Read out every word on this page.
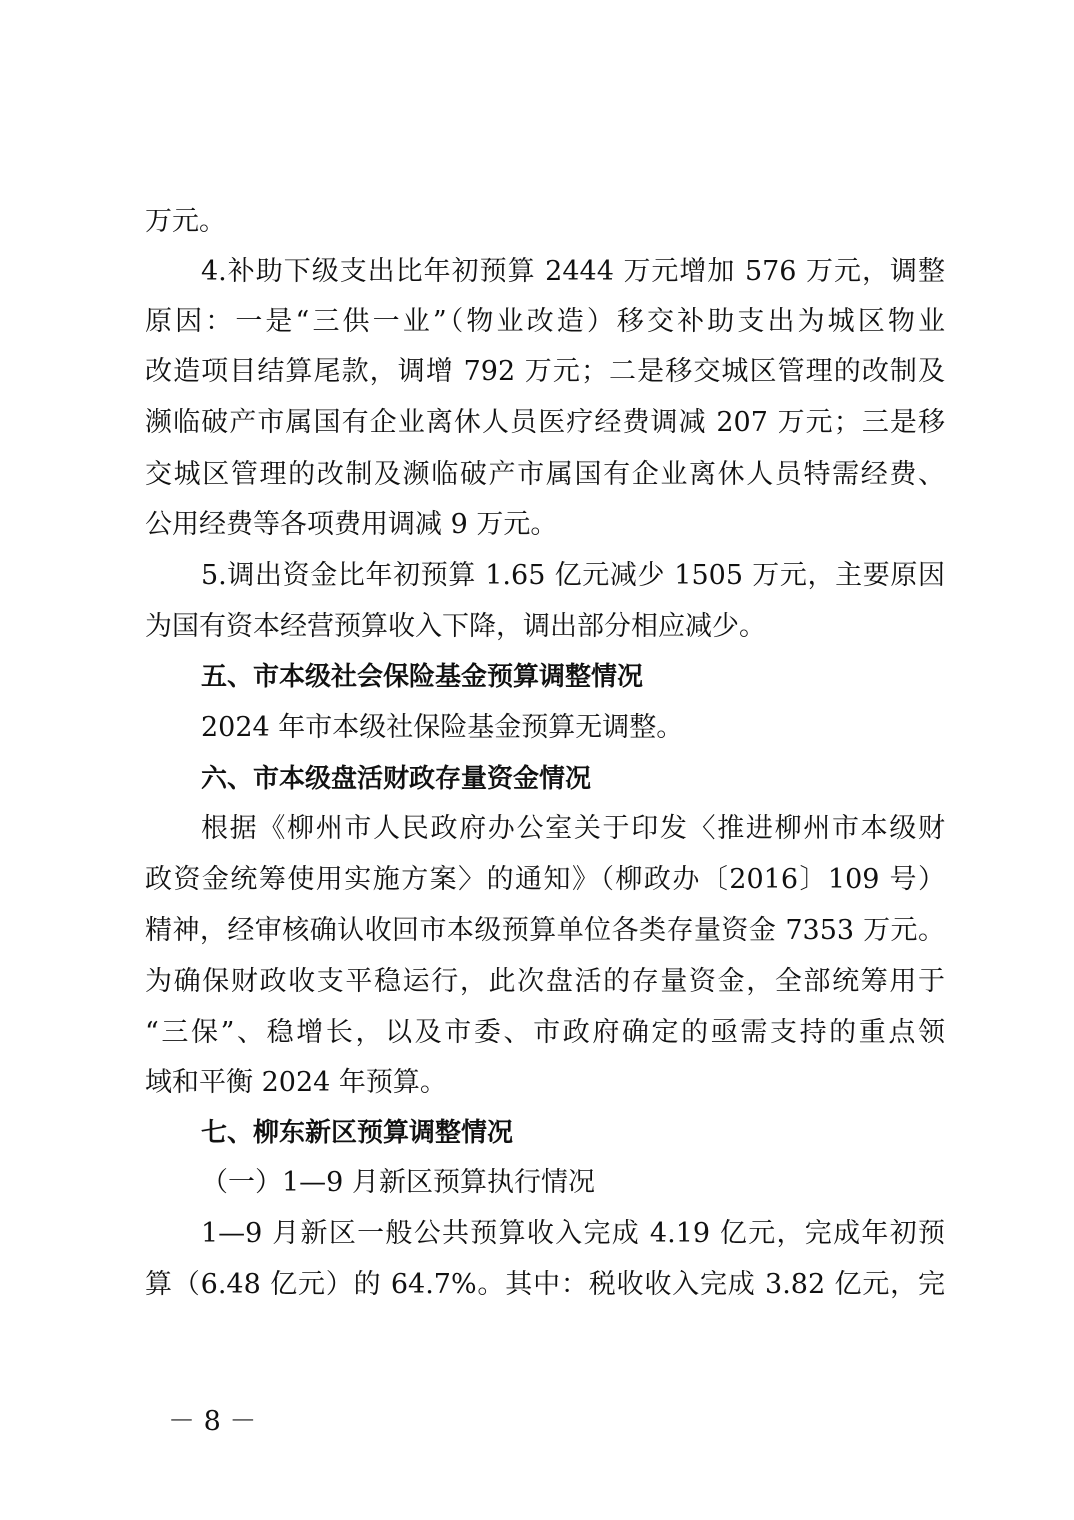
万元。
4.补助下级支出比年初预算 2444 万元增加 576 万元，调整
原因：一是“三供一业”（物业改造）移交补助支出为城区物业
改造项目结算尾款，调增 792 万元；二是移交城区管理的改制及
濒临破产市属国有企业离休人员医疗经费调减 207 万元；三是移
交城区管理的改制及濒临破产市属国有企业离休人员特需经费、
公用经费等各项费用调减 9 万元。
5.调出资金比年初预算 1.65 亿元减少 1505 万元，主要原因
为国有资本经营预算收入下降，调出部分相应减少。
五、市本级社会保险基金预算调整情况
2024 年市本级社保险基金预算无调整。
六、市本级盘活财政存量资金情况
根据《柳州市人民政府办公室关于印发〈推进柳州市本级财
政资金统筹使用实施方案〉的通知》（柳政办〔2016〕109 号）
精神，经审核确认收回市本级预算单位各类存量资金 7353 万元。
为确保财政收支平稳运行，此次盘活的存量资金，全部统筹用于
“三保”、稳增长，以及市委、市政府确定的亟需支持的重点领
域和平衡 2024 年预算。
七、柳东新区预算调整情况
（一）1—9 月新区预算执行情况
1—9 月新区一般公共预算收入完成 4.19 亿元，完成年初预
算（6.48 亿元）的 64.7%。其中：税收收入完成 3.82 亿元，完
－ 8 －
